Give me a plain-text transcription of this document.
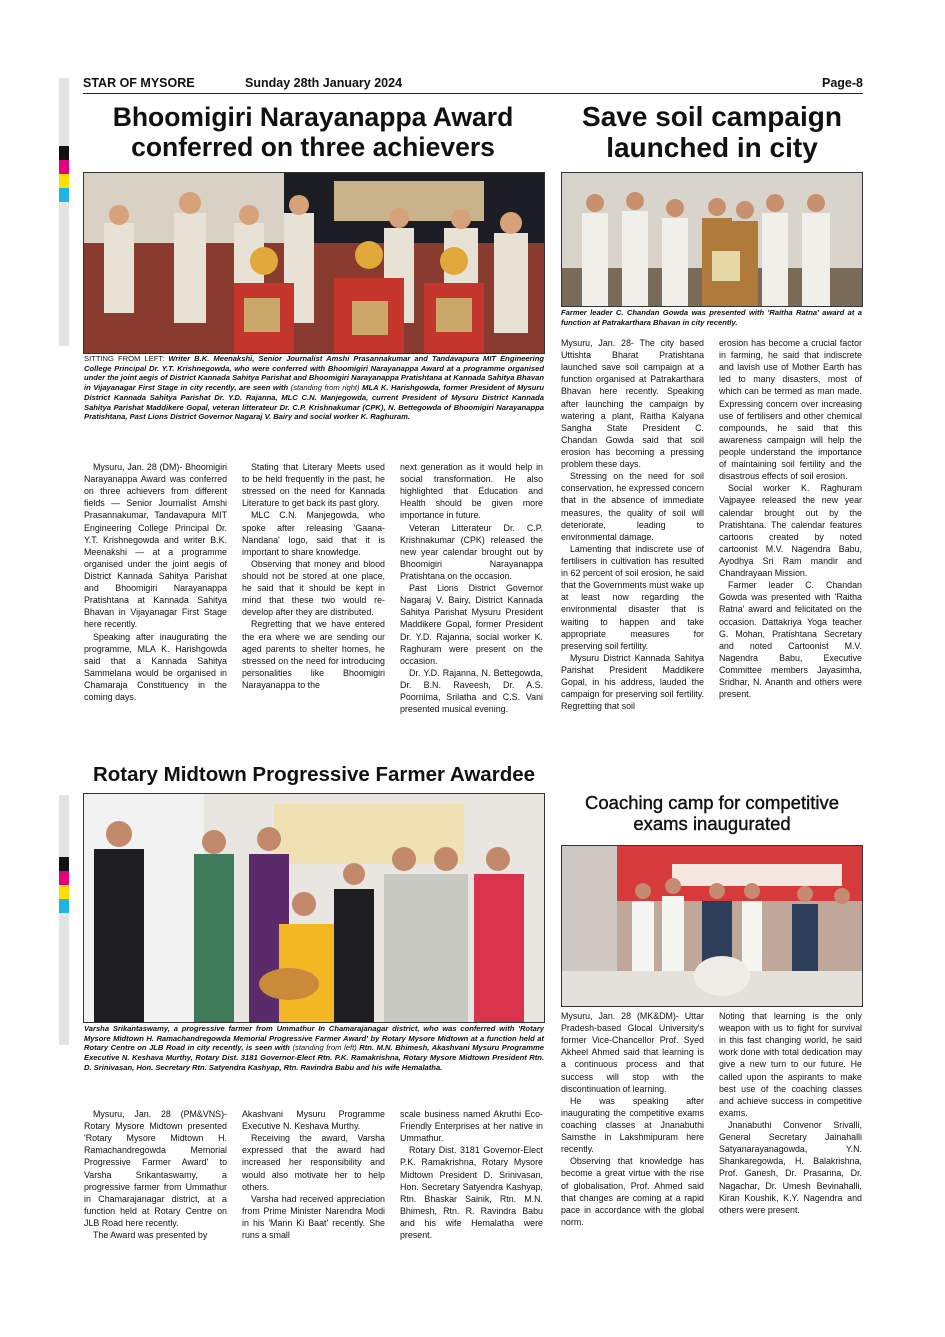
STAR OF MYSORE	Sunday 28th January 2024	Page-8
Bhoomigiri Narayanappa Award conferred on three achievers

SITTING FROM LEFT: Writer B.K. Meenakshi, Senior Journalist Amshi Prasannakumar and Tandavapura MIT Engineering College Principal Dr. Y.T. Krishnegowda, who were conferred with Bhoomigiri Narayanappa Award at a programme organised under the joint aegis of District Kannada Sahitya Parishat and Bhoomigiri Narayanappa Pratishtana at Kannada Sahitya Bhavan in Vijayanagar First Stage in city recently, are seen with (standing from right) MLA K. Harishgowda, former President of Mysuru District Kannada Sahitya Parishat Dr. Y.D. Rajanna, MLC C.N. Manjegowda, current President of Mysuru District Kannada Sahitya Parishat Maddikere Gopal, veteran litterateur Dr. C.P. Krishnakumar (CPK), N. Bettegowda of Bhoomigiri Narayanappa Pratishtana, Past Lions District Governor Nagaraj V. Bairy and social worker K. Raghuram.

Mysuru, Jan. 28 (DM)- Bhoomigiri Narayanappa Award was conferred on three achievers from different fields — Senior Journalist Amshi Prasannakumar, Tandavapura MIT Engineering College Principal Dr. Y.T. Krishnegowda and writer B.K. Meenakshi — at a programme organised under the joint aegis of District Kannada Sahitya Parishat and Bhoomigiri Narayanappa Pratishtana at Kannada Sahitya Bhavan in Vijayanagar First Stage here recently.

Speaking after inaugurating the programme, MLA K. Harishgowda said that a Kannada Sahitya Sammelana would be organised in Chamaraja Constituency in the coming days.

Stating that Literary Meets used to be held frequently in the past, he stressed on the need for Kannada Literature to get back its past glory.

MLC C.N. Manjegowda, who spoke after releasing 'Gaana-Nandana' logo, said that it is important to share knowledge.

Observing that money and blood should not be stored at one place, he said that it should be kept in mind that these two would re-develop after they are distributed.

Regretting that we have entered the era where we are sending our aged parents to shelter homes, he stressed on the need for introducing personalities like Bhoomigiri Narayanappa to the

next generation as it would help in social transformation. He also highlighted that Education and Health should be given more importance in future.

Veteran Litterateur Dr. C.P. Krishnakumar (CPK) released the new year calendar brought out by Bhoomigiri Narayanappa Pratishtana on the occasion.

Past Lions District Governor Nagaraj V. Bairy, District Kannada Sahitya Parishat Mysuru President Maddikere Gopal, former President Dr. Y.D. Rajanna, social worker K. Raghuram were present on the occasion.

Dr. Y.D. Rajanna, N. Bettegowda, Dr. B.N. Raveesh, Dr. A.S. Poornima, Srilatha and C.S. Vani presented musical evening.

Save soil campaign launched in city

Farmer leader C. Chandan Gowda was presented with 'Raitha Ratna' award at a function at Patrakarthara Bhavan in city recently.

Mysuru, Jan. 28- The city based Uttishta Bharat Pratishtana launched save soil campaign at a function organised at Patrakarthara Bhavan here recently. Speaking after launching the campaign by watering a plant, Raitha Kalyana Sangha State President C. Chandan Gowda said that soil erosion has becoming a pressing problem these days.

Stressing on the need for soil conservation, he expressed concern that in the absence of immediate measures, the quality of soil will deteriorate, leading to environmental damage.

Lamenting that indiscrete use of fertilisers in cultivation has resulted in 62 percent of soil erosion, he said that the Governments must wake up at least now regarding the environmental disaster that is waiting to happen and take appropriate measures for preserving soil fertility.

Mysuru District Kannada Sahitya Parishat President Maddikere Gopal, in his address, lauded the campaign for preserving soil fertility. Regretting that soil

erosion has become a crucial factor in farming, he said that indiscrete and lavish use of Mother Earth has led to many disasters, most of which can be termed as man made. Expressing concern over increasing use of fertilisers and other chemical compounds, he said that this awareness campaign will help the people understand the importance of maintaining soil fertility and the disastrous effects of soil erosion.

Social worker K. Raghuram Vajpayee released the new year calendar brought out by the Pratishtana. The calendar features cartoons created by noted cartoonist M.V. Nagendra Babu, Ayodhya Sri Ram mandir and Chandrayaan Mission.

Farmer leader C. Chandan Gowda was presented with 'Raitha Ratna' award and felicitated on the occasion. Dattakriya Yoga teacher G. Mohan, Pratishtana Secretary and noted Cartoonist M.V. Nagendra Babu, Executive Committee members Jayasimha, Sridhar, N. Ananth and others were present.

Rotary Midtown Progressive Farmer Awardee

Varsha Srikantaswamy, a progressive farmer from Ummathur In Chamarajanagar district, who was conferred with 'Rotary Mysore Midtown H. Ramachandregowda Memorial Progressive Farmer Award' by Rotary Mysore Midtown at a function held at Rotary Centre on JLB Road in city recently, is seen with (standing from left) Rtn. M.N. Bhimesh, Akashvani Mysuru Programme Executive N. Keshava Murthy, Rotary Dist. 3181 Governor-Elect Rtn. P.K. Ramakrishna, Rotary Mysore Midtown President Rtn. D. Srinivasan, Hon. Secretary Rtn. Satyendra Kashyap, Rtn. Ravindra Babu and his wife Hemalatha.

Mysuru, Jan. 28 (PM&VNS)- Rotary Mysore Midtown presented 'Rotary Mysore Midtown H. Ramachandregowda Memorial Progressive Farmer Award' to Varsha Srikantaswamy, a progressive farmer from Ummathur in Chamarajanagar district, at a function held at Rotary Centre on JLB Road here recently.

The Award was presented by

Akashvani Mysuru Programme Executive N. Keshava Murthy.

Receiving the award, Varsha expressed that the award had increased her responsibility and would also motivate her to help others.

Varsha had received appreciation from Prime Minister Narendra Modi in his 'Mann Ki Baat' recently. She runs a small

scale business named Akruthi Eco-Friendly Enterprises at her native in Ummathur.

Rotary Dist. 3181 Governor-Elect P.K. Ramakrishna, Rotary Mysore Midtown President D. Srinivasan, Hon. Secretary Satyendra Kashyap, Rtn. Bhaskar Sainik, Rtn. M.N. Bhimesh, Rtn. R. Ravindra Babu and his wife Hemalatha were present.

Coaching camp for competitive exams inaugurated

Mysuru, Jan. 28 (MK&DM)- Uttar Pradesh-based Glocal University's former Vice-Chancellor Prof. Syed Akheel Ahmed said that learning is a continuous process and that success will stop with the discontinuation of learning.

He was speaking after inaugurating the competitive exams coaching classes at Jnanabuthi Samsthe in Lakshmipuram here recently.

Observing that knowledge has become a great virtue with the rise of globalisation, Prof. Ahmed said that changes are coming at a rapid pace in accordance with the global norm.

Noting that learning is the only weapon with us to fight for survival in this fast changing world, he said work done with total dedication may give a new turn to our future. He called upon the aspirants to make best use of the coaching classes and achieve success in competitive exams.

Jnanabuthi Convenor Srivalli, General Secretary Jainahalli Satyanarayanagowda, Y.N. Shankaregowda, H. Balakrishna, Prof. Ganesh, Dr. Prasanna, Dr. Nagachar, Dr. Umesh Bevinahalli, Kiran Koushik, K.Y. Nagendra and others were present.
